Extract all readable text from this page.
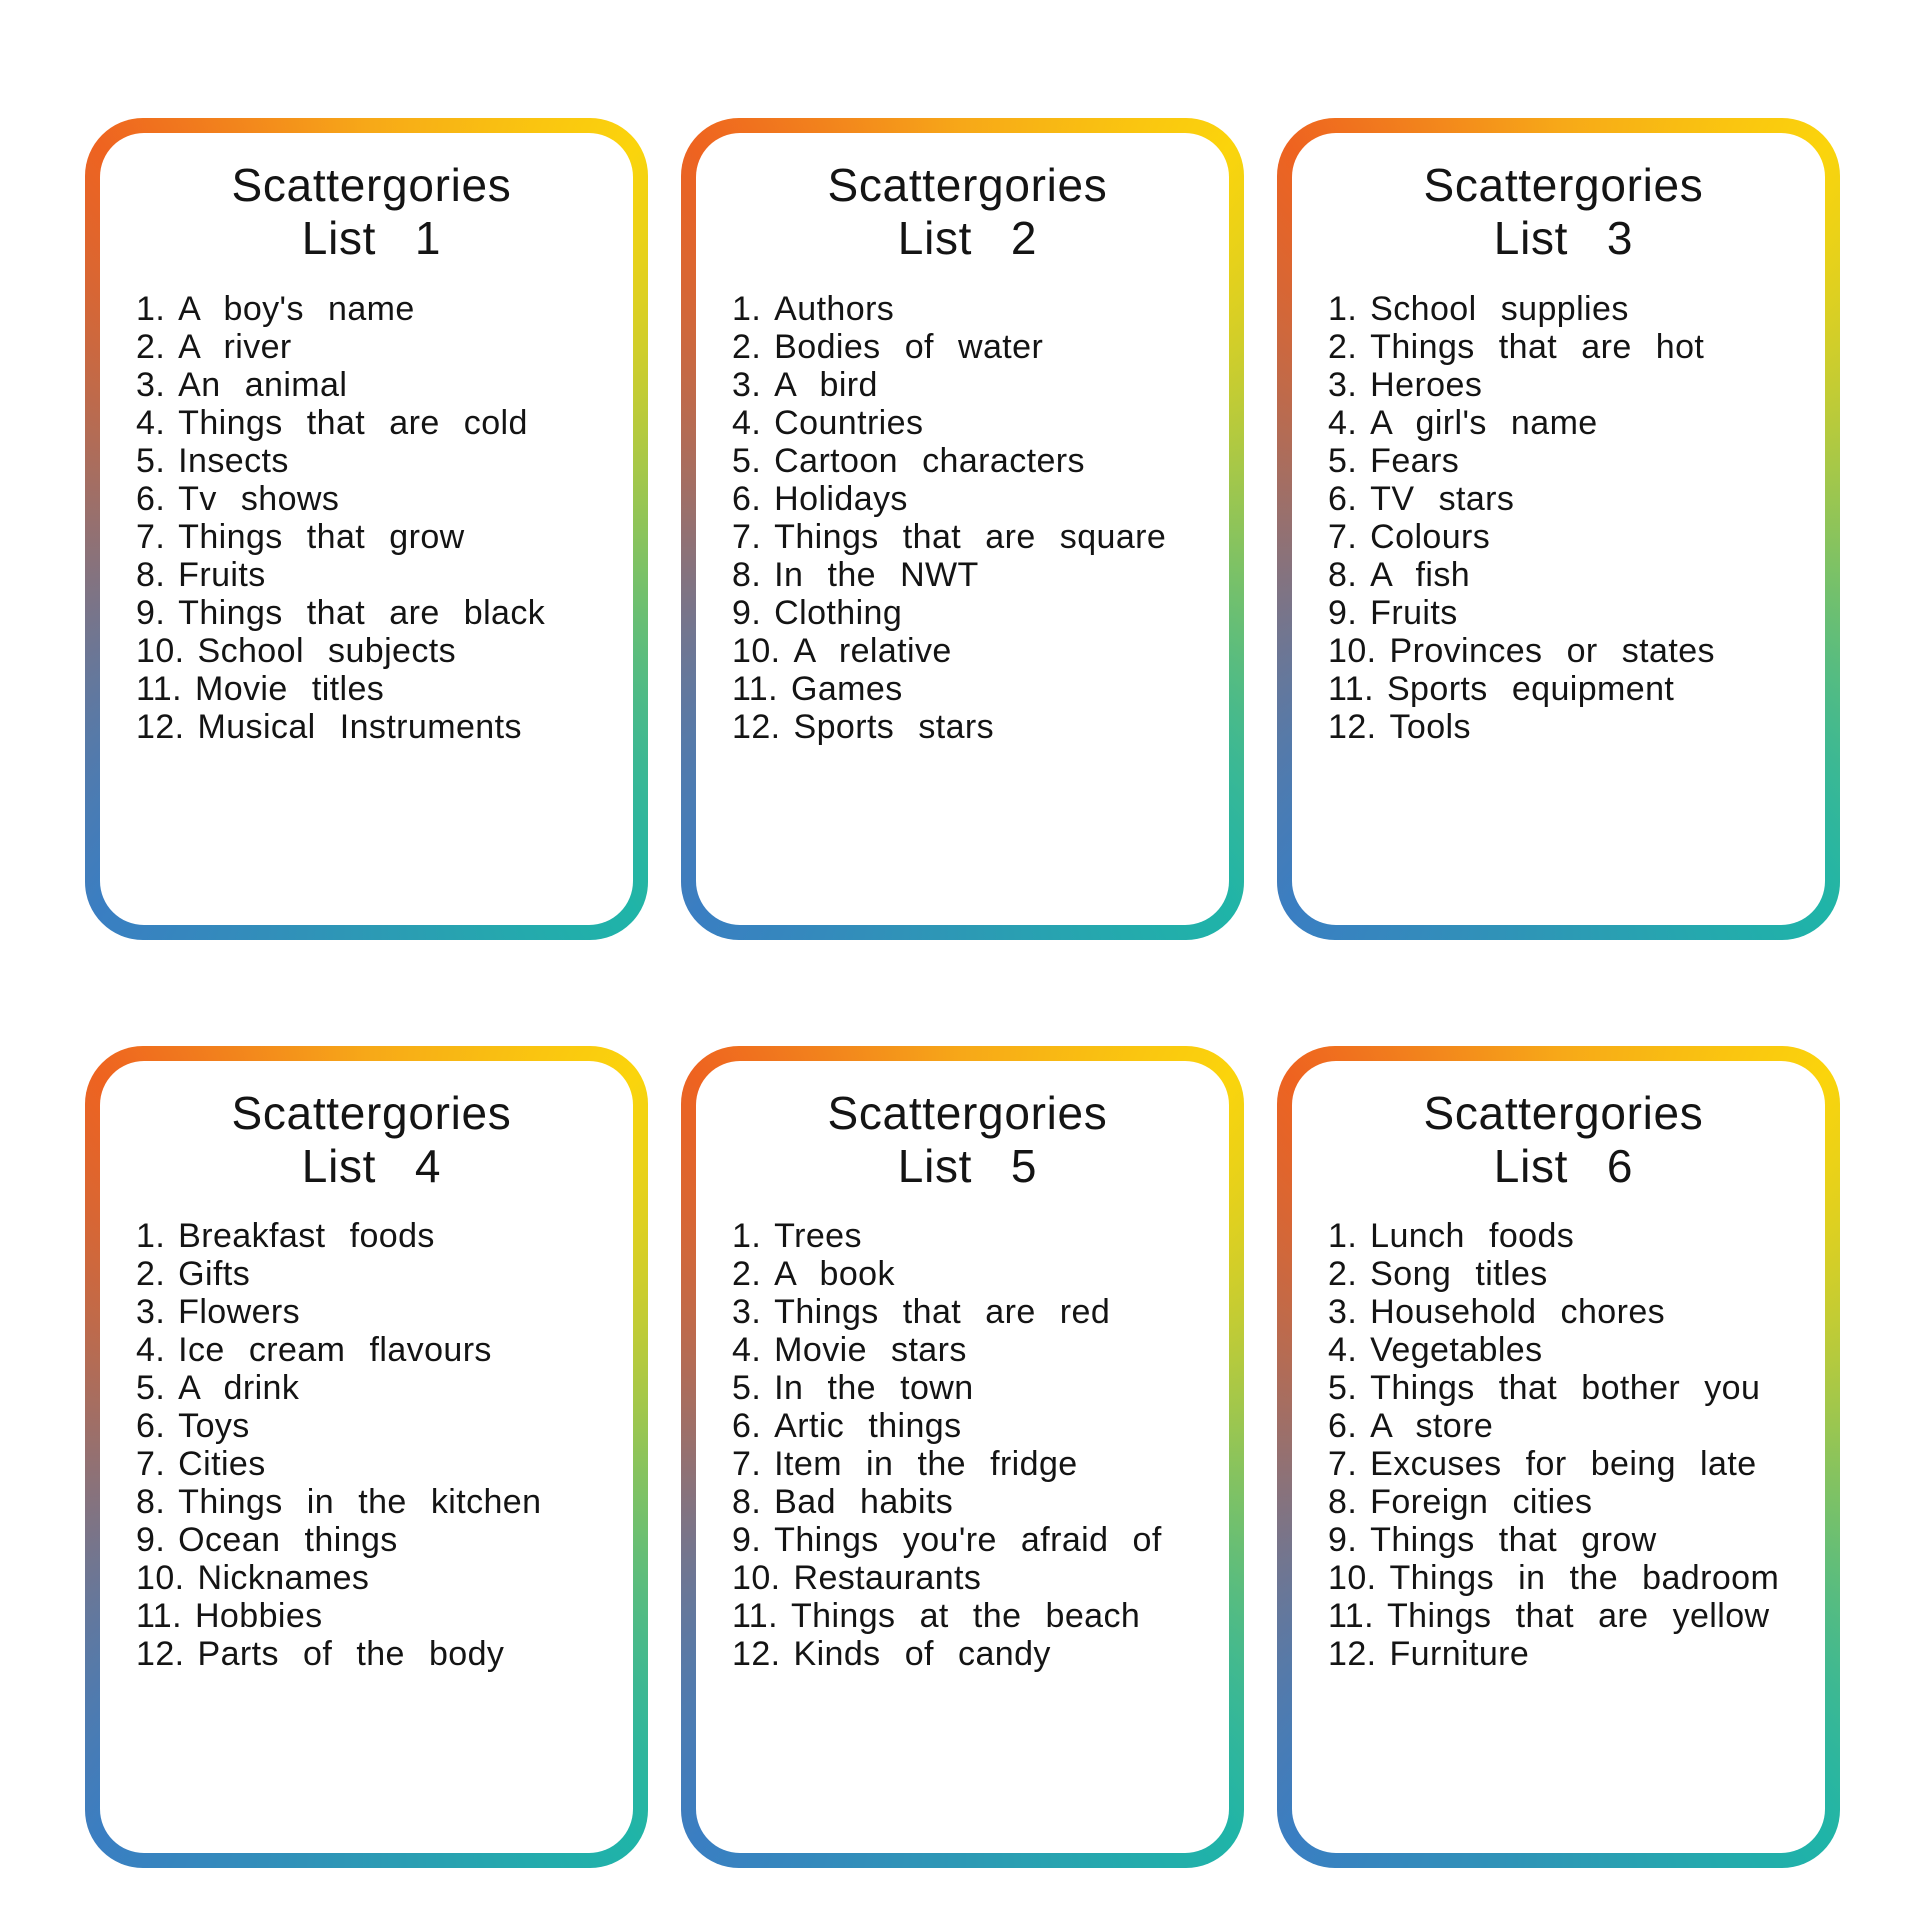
Scattergories
List 1
1. A boy's name
2. A river
3. An animal
4. Things that are cold
5. Insects
6. Tv shows
7. Things that grow
8. Fruits
9. Things that are black
10. School subjects
11. Movie titles
12. Musical Instruments
Scattergories
List 2
1. Authors
2. Bodies of water
3. A bird
4. Countries
5. Cartoon characters
6. Holidays
7. Things that are square
8. In the NWT
9. Clothing
10. A relative
11. Games
12. Sports stars
Scattergories
List 3
1. School supplies
2. Things that are hot
3. Heroes
4. A girl's name
5. Fears
6. TV stars
7. Colours
8. A fish
9. Fruits
10. Provinces or states
11. Sports equipment
12. Tools
Scattergories
List 4
1. Breakfast foods
2. Gifts
3. Flowers
4. Ice cream flavours
5. A drink
6. Toys
7. Cities
8. Things in the kitchen
9. Ocean things
10. Nicknames
11. Hobbies
12. Parts of the body
Scattergories
List 5
1. Trees
2. A book
3. Things that are red
4. Movie stars
5. In the town
6. Artic things
7. Item in the fridge
8. Bad habits
9. Things you're afraid of
10. Restaurants
11. Things at the beach
12. Kinds of candy
Scattergories
List 6
1. Lunch foods
2. Song titles
3. Household chores
4. Vegetables
5. Things that bother you
6. A store
7. Excuses for being late
8. Foreign cities
9. Things that grow
10. Things in the badroom
11. Things that are yellow
12. Furniture
